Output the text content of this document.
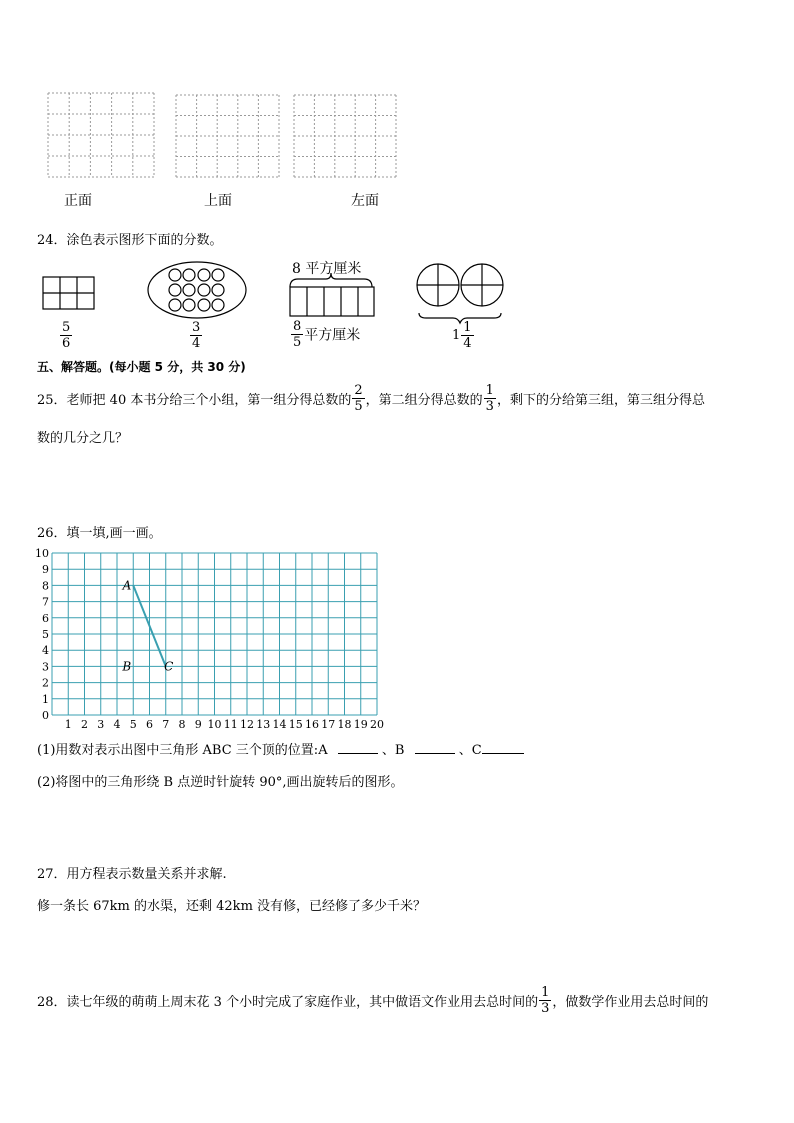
正面	上面	左面
24．涂色表示图形下面的分数。
8 平方厘米
$\frac{5}{6}$	$\frac{3}{4}$	$\frac{8}{5}$ 平方厘米	$1 \frac{1}{4}$
五、解答题。(每小题 5 分，共 30 分)
25．老师把 40 本书分给三个小组，第一组分得总数的 $\frac{2}{5}$ ，第二组分得总数的 $\frac{1}{3}$ ，剩下的分给第三组，第三组分得总
数的几分之几？
26．填一填,画一画。
1 2 3 4 5 6 7 8 9 10 11 12 13 14 15 16 17 18 19 20
0
1
2
3
4
5
6
7
8
9
10
A
B	C
(1)用数对表示出图中三角形 ABC 三个顶的位置:A	、B	、C
(2)将图中的三角形绕 B 点逆时针旋转 90°,画出旋转后的图形。
27．用方程表示数量关系并求解.
修一条长 67km 的水渠，还剩 42km 没有修，已经修了多少千米？
28．读七年级的萌萌上周末花 3 个小时完成了家庭作业，其中做语文作业用去总时间的 $\frac{1}{3}$ ，做数学作业用去总时间的
